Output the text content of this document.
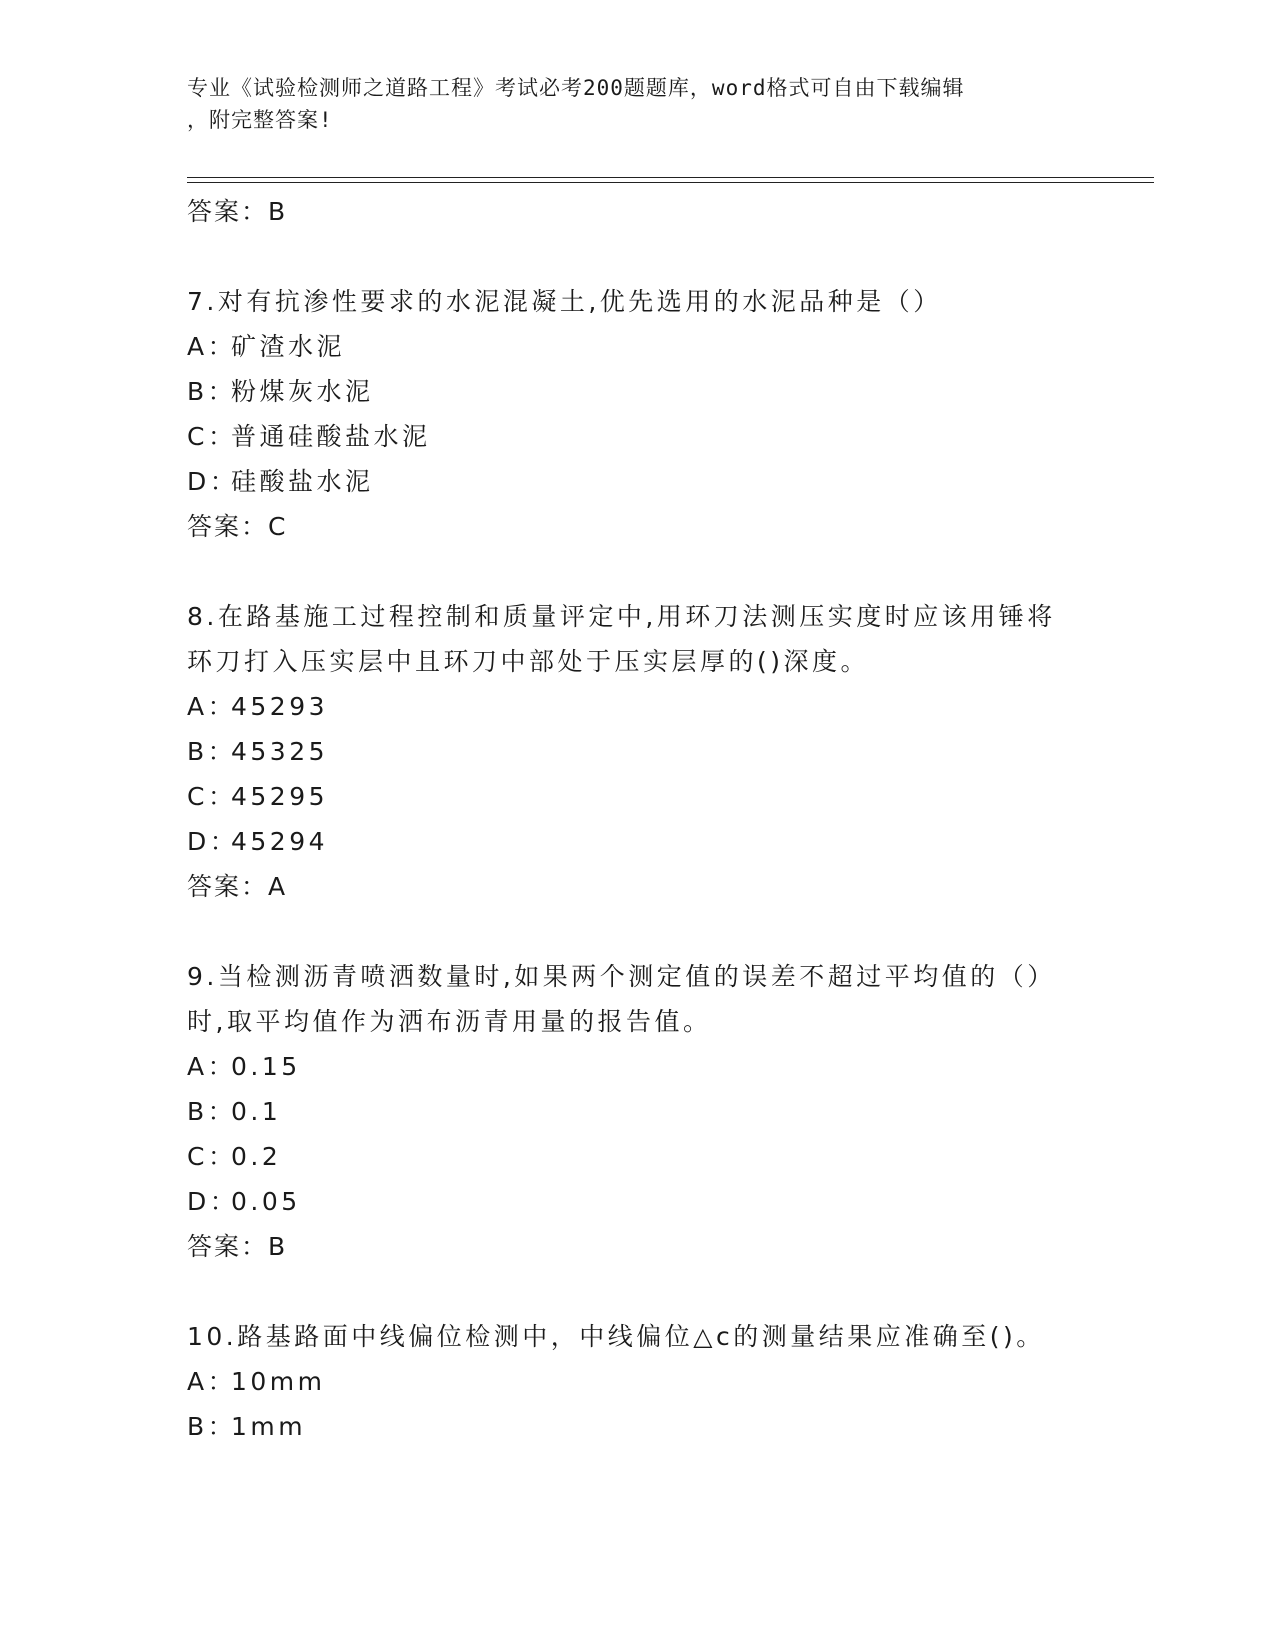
专业《试验检测师之道路工程》考试必考200题题库，word格式可自由下载编辑
，附完整答案!
答案：B
7.对有抗渗性要求的水泥混凝土,优先选用的水泥品种是（）
A：矿渣水泥
B：粉煤灰水泥
C：普通硅酸盐水泥
D：硅酸盐水泥
答案：C
8.在路基施工过程控制和质量评定中,用环刀法测压实度时应该用锤将
环刀打入压实层中且环刀中部处于压实层厚的()深度。
A：45293
B：45325
C：45295
D：45294
答案：A
9.当检测沥青喷洒数量时,如果两个测定值的误差不超过平均值的（）
时,取平均值作为洒布沥青用量的报告值。
A：0.15
B：0.1
C：0.2
D：0.05
答案：B
10.路基路面中线偏位检测中，中线偏位△c的测量结果应准确至()。
A：10mm
B：1mm
